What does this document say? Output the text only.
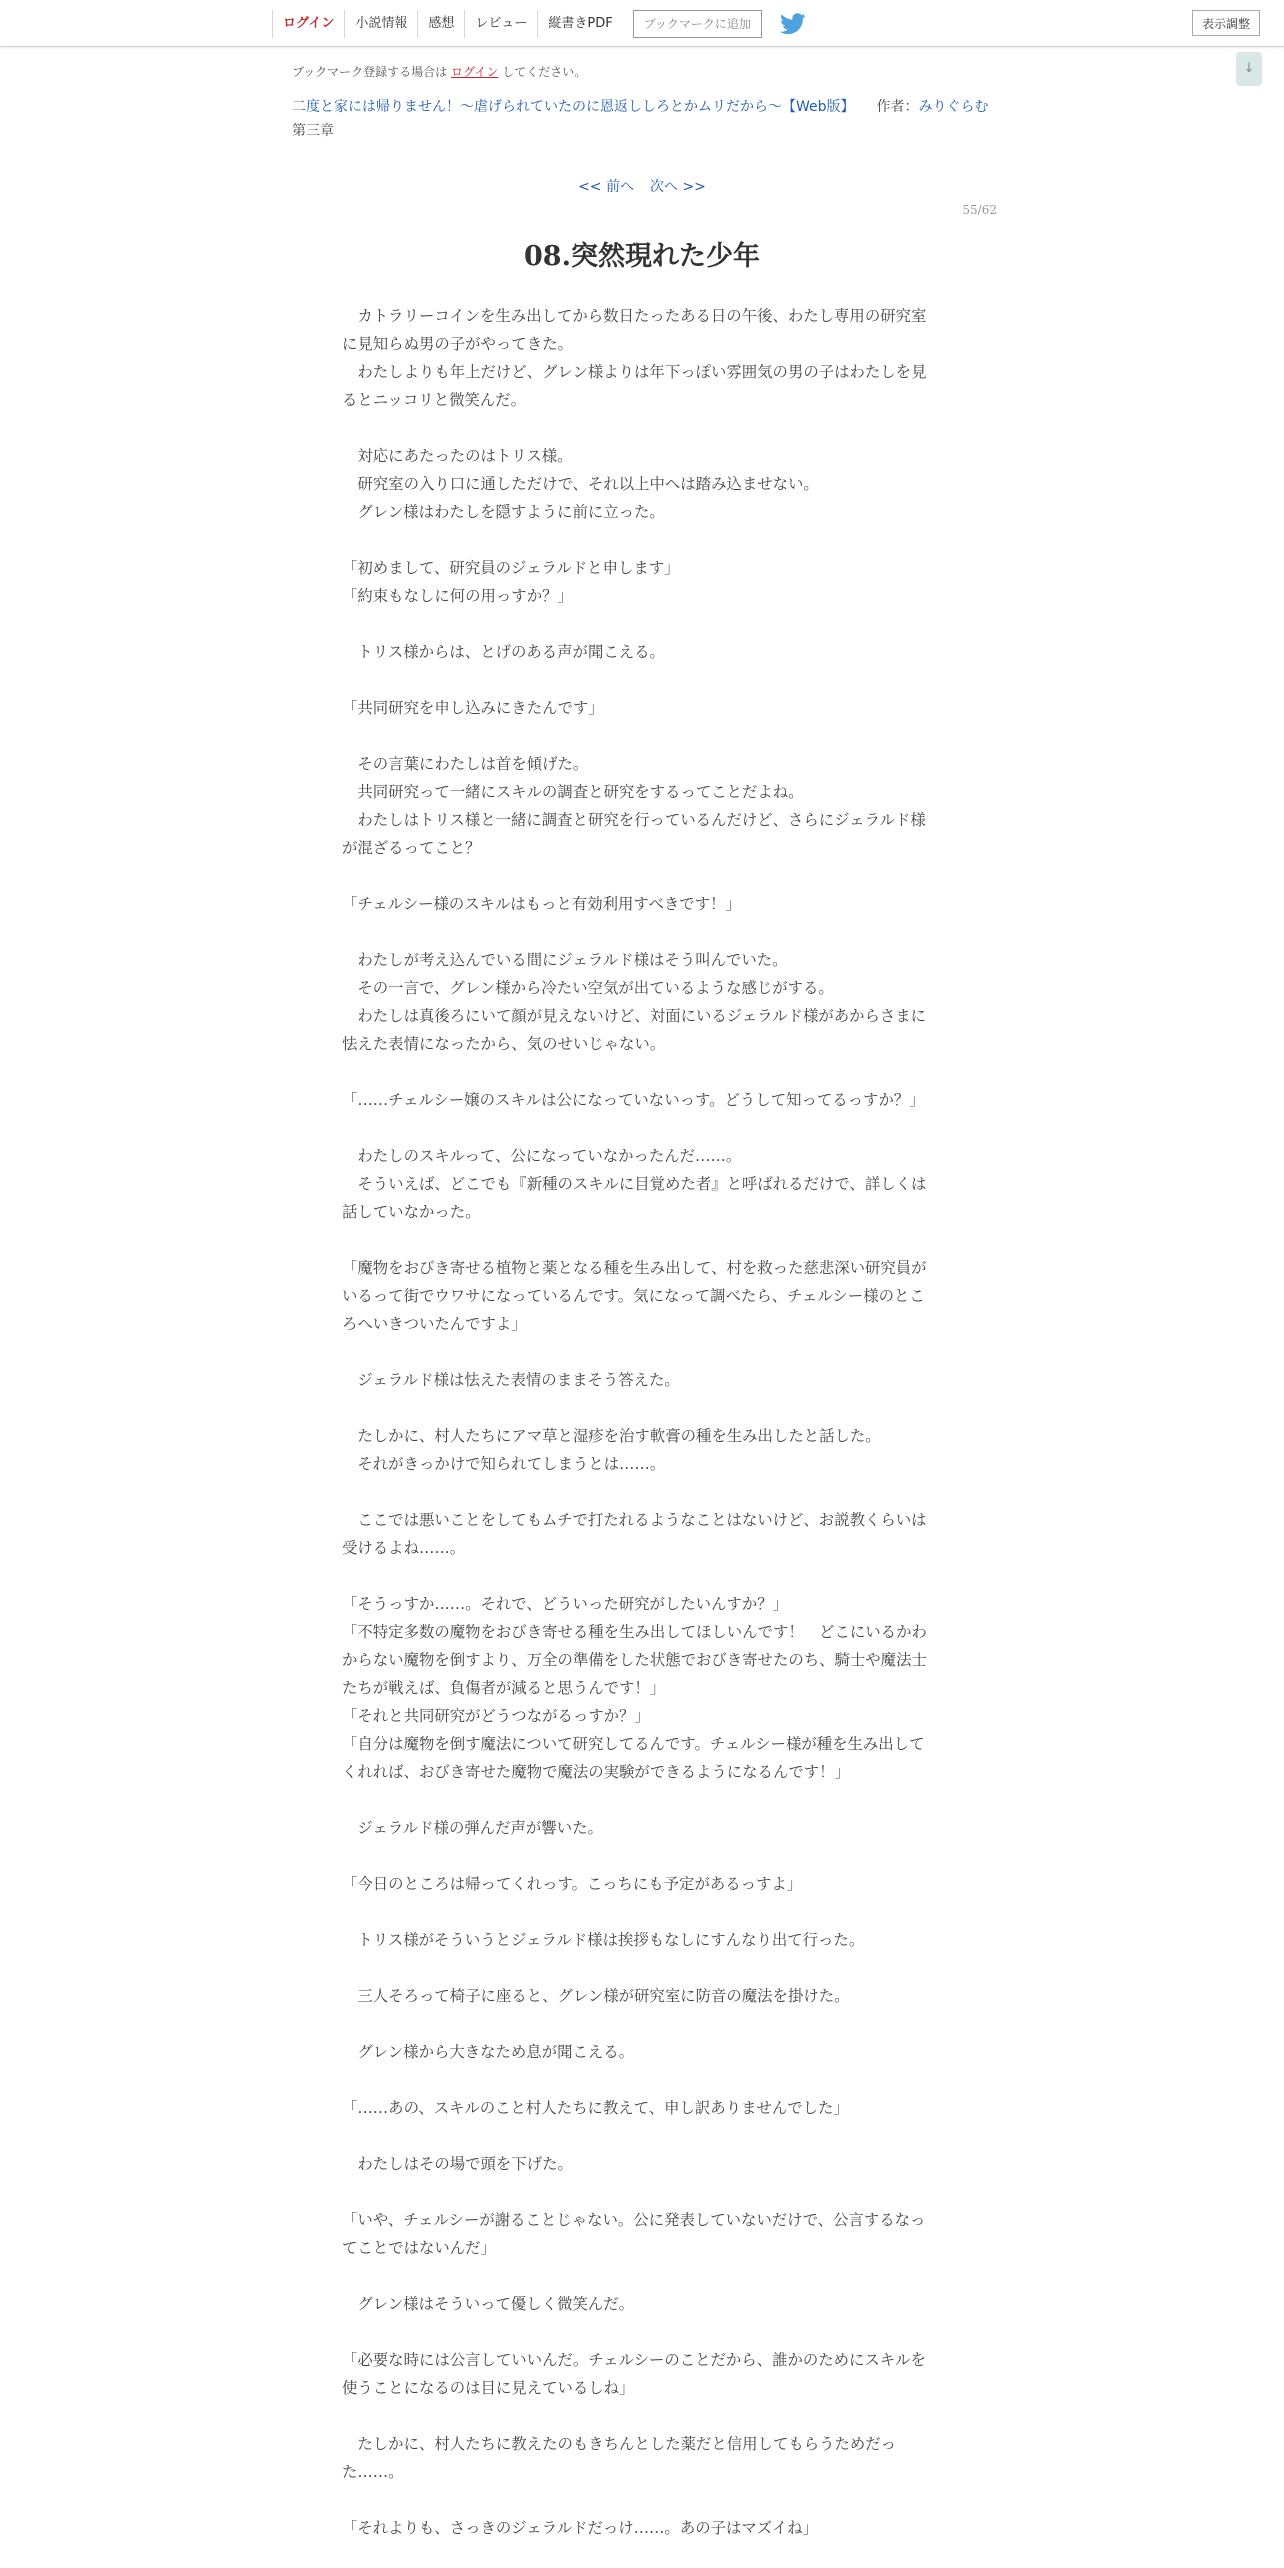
ログイン	小説情報	感想	レビュー	縦書きPDF	ブックマークに追加	表示調整
↓
ブックマーク登録する場合は ログイン してください。
二度と家には帰りません！～虐げられていたのに恩返ししろとかムリだから～【Web版】 作者：みりぐらむ
第三章
<< 前へ 次へ >>
55/62
08.突然現れた少年

　カトラリーコインを生み出してから数日たったある日の午後、わたし専用の研究室に見知らぬ男の子がやってきた。

　わたしよりも年上だけど、グレン様よりは年下っぽい雰囲気の男の子はわたしを見るとニッコリと微笑んだ。

　対応にあたったのはトリス様。

　研究室の入り口に通しただけで、それ以上中へは踏み込ませない。

　グレン様はわたしを隠すように前に立った。

「初めまして、研究員のジェラルドと申します」

「約束もなしに何の用っすか？」

　トリス様からは、とげのある声が聞こえる。

「共同研究を申し込みにきたんです」

　その言葉にわたしは首を傾げた。

　共同研究って一緒にスキルの調査と研究をするってことだよね。

　わたしはトリス様と一緒に調査と研究を行っているんだけど、さらにジェラルド様が混ざるってこと？

「チェルシー様のスキルはもっと有効利用すべきです！」

　わたしが考え込んでいる間にジェラルド様はそう叫んでいた。

　その一言で、グレン様から冷たい空気が出ているような感じがする。

　わたしは真後ろにいて顔が見えないけど、対面にいるジェラルド様があからさまに怯えた表情になったから、気のせいじゃない。

「……チェルシー嬢のスキルは公になっていないっす。どうして知ってるっすか？」

　わたしのスキルって、公になっていなかったんだ……。

　そういえば、どこでも『新種のスキルに目覚めた者』と呼ばれるだけで、詳しくは話していなかった。

「魔物をおびき寄せる植物と薬となる種を生み出して、村を救った慈悲深い研究員がいるって街でウワサになっているんです。気になって調べたら、チェルシー様のところへいきついたんですよ」

　ジェラルド様は怯えた表情のままそう答えた。

　たしかに、村人たちにアマ草と湿疹を治す軟膏の種を生み出したと話した。

　それがきっかけで知られてしまうとは……。

　ここでは悪いことをしてもムチで打たれるようなことはないけど、お説教くらいは受けるよね……。

「そうっすか……。それで、どういった研究がしたいんすか？」

「不特定多数の魔物をおびき寄せる種を生み出してほしいんです！　どこにいるかわからない魔物を倒すより、万全の準備をした状態でおびき寄せたのち、騎士や魔法士たちが戦えば、負傷者が減ると思うんです！」

「それと共同研究がどうつながるっすか？」

「自分は魔物を倒す魔法について研究してるんです。チェルシー様が種を生み出してくれれば、おびき寄せた魔物で魔法の実験ができるようになるんです！」

　ジェラルド様の弾んだ声が響いた。

「今日のところは帰ってくれっす。こっちにも予定があるっすよ」

　トリス様がそういうとジェラルド様は挨拶もなしにすんなり出て行った。

　三人そろって椅子に座ると、グレン様が研究室に防音の魔法を掛けた。

　グレン様から大きなため息が聞こえる。

「……あの、スキルのこと村人たちに教えて、申し訳ありませんでした」

　わたしはその場で頭を下げた。

「いや、チェルシーが謝ることじゃない。公に発表していないだけで、公言するなってことではないんだ」

　グレン様はそういって優しく微笑んだ。

「必要な時には公言していいんだ。チェルシーのことだから、誰かのためにスキルを使うことになるのは目に見えているしね」

　たしかに、村人たちに教えたのもきちんとした薬だと信用してもらうためだった……。

「それよりも、さっきのジェラルドだっけ……。あの子はマズイね」
